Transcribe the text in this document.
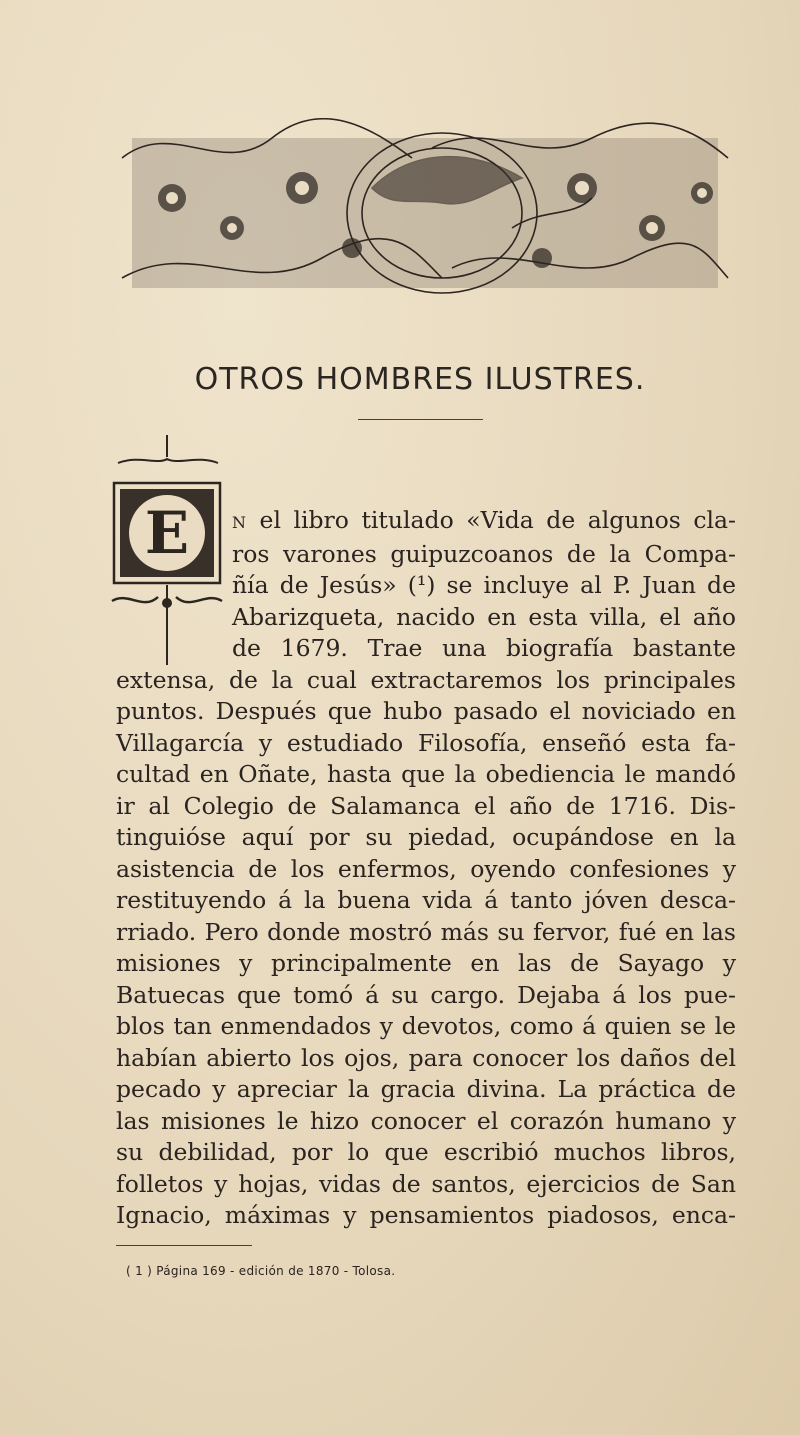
OTROS HOMBRES ILUSTRES.
E	N el libro titulado «Vida de algunos cla-
ros varones guipuzcoanos de la Compa-
ñía de Jesús» (¹) se incluye al P. Juan de
Abarizqueta, nacido en esta villa, el año
de 1679. Trae una biografía bastante
extensa, de la cual extractaremos los principales
puntos. Después que hubo pasado el noviciado en
Villagarcía y estudiado Filosofía, enseñó esta fa-
cultad en Oñate, hasta que la obediencia le mandó
ir al Colegio de Salamanca el año de 1716. Dis-
tinguióse aquí por su piedad, ocupándose en la
asistencia de los enfermos, oyendo confesiones y
restituyendo á la buena vida á tanto jóven desca-
rriado. Pero donde mostró más su fervor, fué en las
misiones y principalmente en las de Sayago y
Batuecas que tomó á su cargo. Dejaba á los pue-
blos tan enmendados y devotos, como á quien se le
habían abierto los ojos, para conocer los daños del
pecado y apreciar la gracia divina. La práctica de
las misiones le hizo conocer el corazón humano y
su debilidad, por lo que escribió muchos libros,
folletos y hojas, vidas de santos, ejercicios de San
Ignacio, máximas y pensamientos piadosos, enca-
( 1 ) Página 169 - edición de 1870 - Tolosa.
